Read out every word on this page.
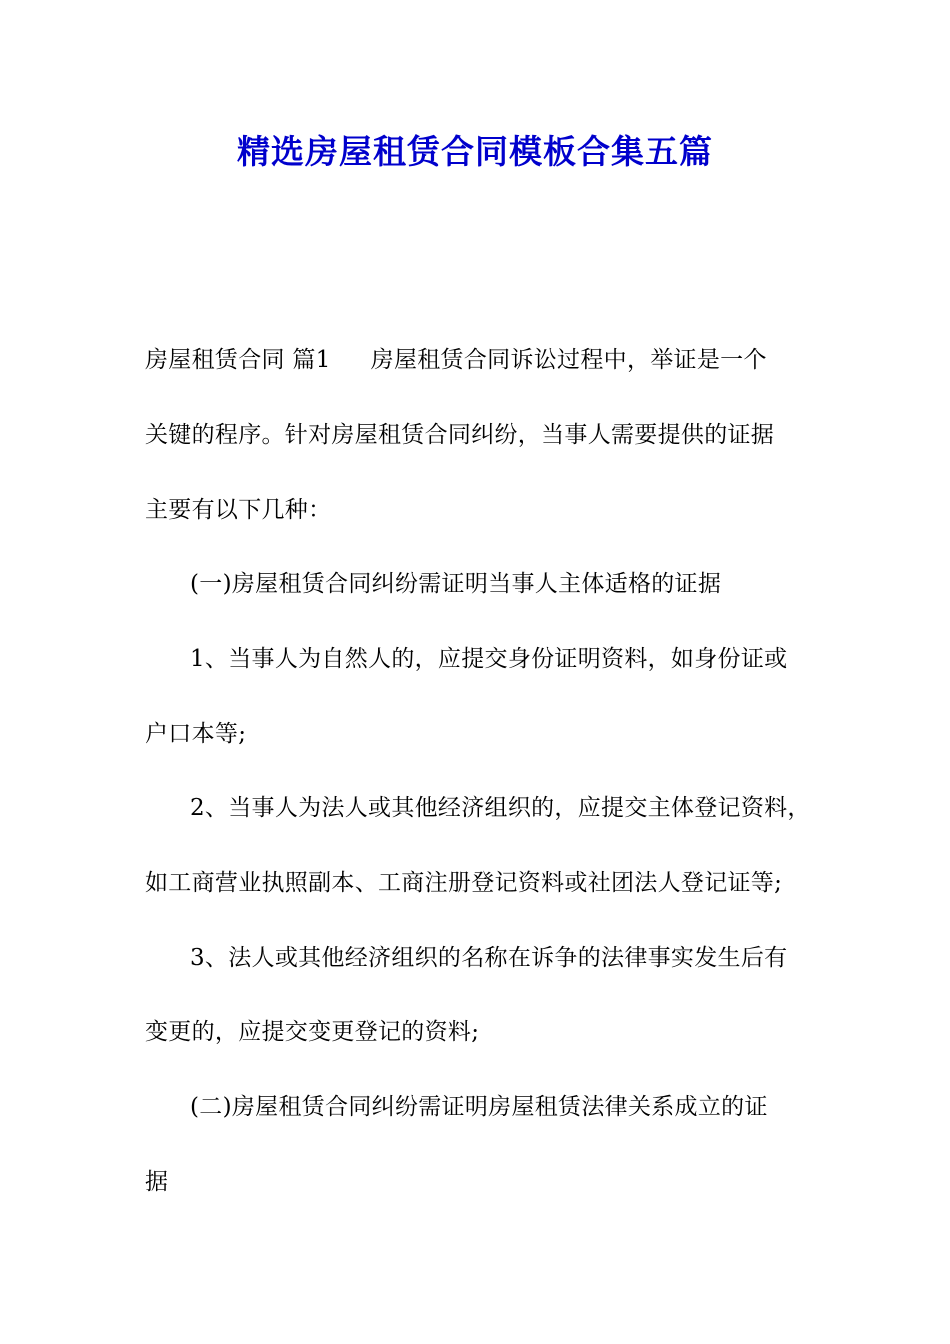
精选房屋租赁合同模板合集五篇
房屋租赁合同 篇1 房屋租赁合同诉讼过程中，举证是一个
关键的程序。针对房屋租赁合同纠纷，当事人需要提供的证据
主要有以下几种：
(一)房屋租赁合同纠纷需证明当事人主体适格的证据
1、当事人为自然人的，应提交身份证明资料，如身份证或
户口本等;
2、当事人为法人或其他经济组织的，应提交主体登记资料，
如工商营业执照副本、工商注册登记资料或社团法人登记证等;
3、法人或其他经济组织的名称在诉争的法律事实发生后有
变更的，应提交变更登记的资料;
(二)房屋租赁合同纠纷需证明房屋租赁法律关系成立的证
据
